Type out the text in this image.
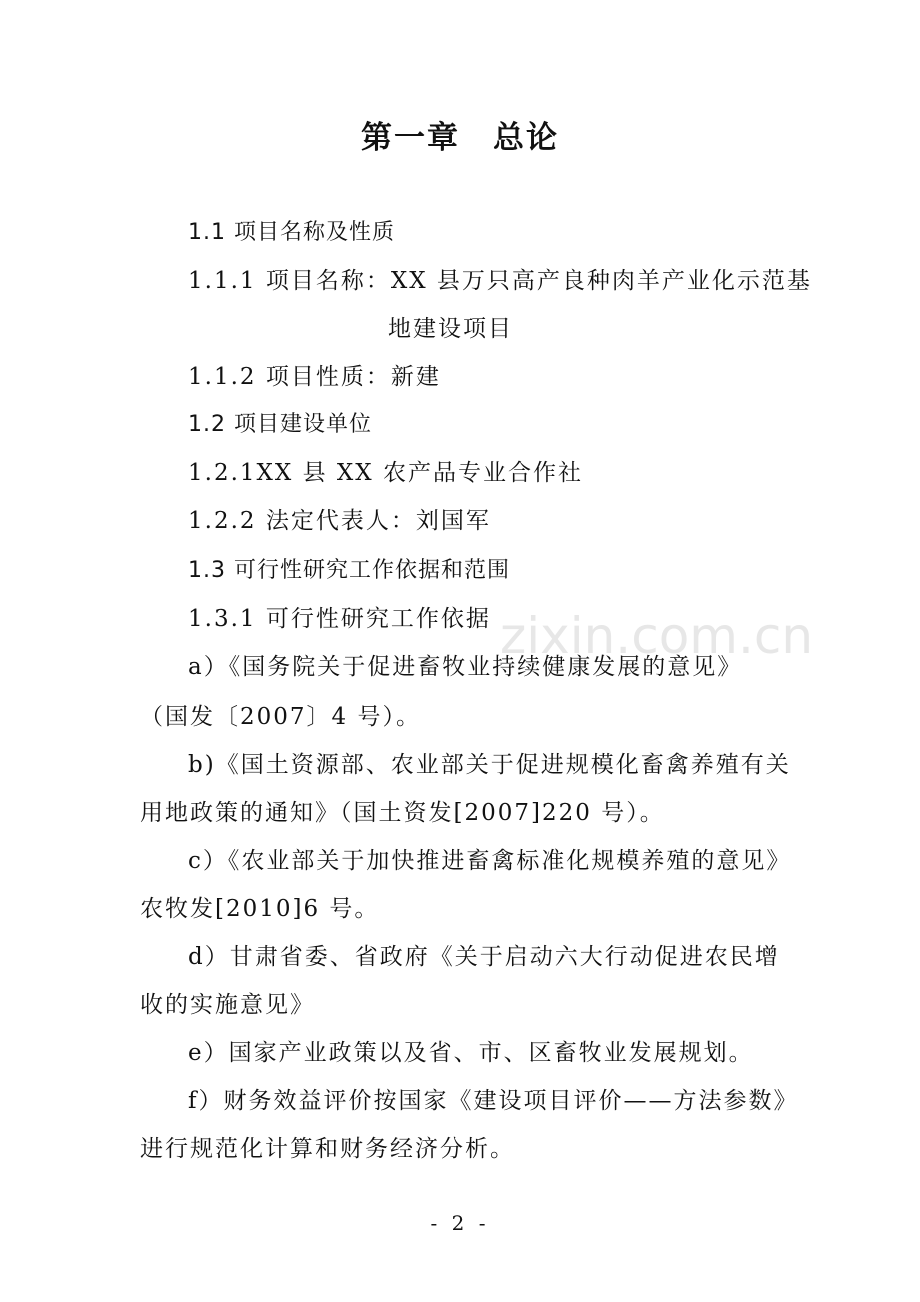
第一章　总论
1.1 项目名称及性质
1.1.1 项目名称：XX 县万只高产良种肉羊产业化示范基
地建设项目
1.1.2 项目性质：新建
1.2 项目建设单位
1.2.1XX 县 XX 农产品专业合作社
1.2.2 法定代表人：刘国军
1.3 可行性研究工作依据和范围
1.3.1 可行性研究工作依据 zixin.com.cn
a）《国务院关于促进畜牧业持续健康发展的意见》
（国发〔2007〕4 号）。
b)《国土资源部、农业部关于促进规模化畜禽养殖有关
用地政策的通知》（国土资发[2007]220 号）。
c）《农业部关于加快推进畜禽标准化规模养殖的意见》
农牧发[2010]6 号。
d）甘肃省委、省政府《关于启动六大行动促进农民增
收的实施意见》
e）国家产业政策以及省、市、区畜牧业发展规划。
f）财务效益评价按国家《建设项目评价——方法参数》
进行规范化计算和财务经济分析。
- 2 -
